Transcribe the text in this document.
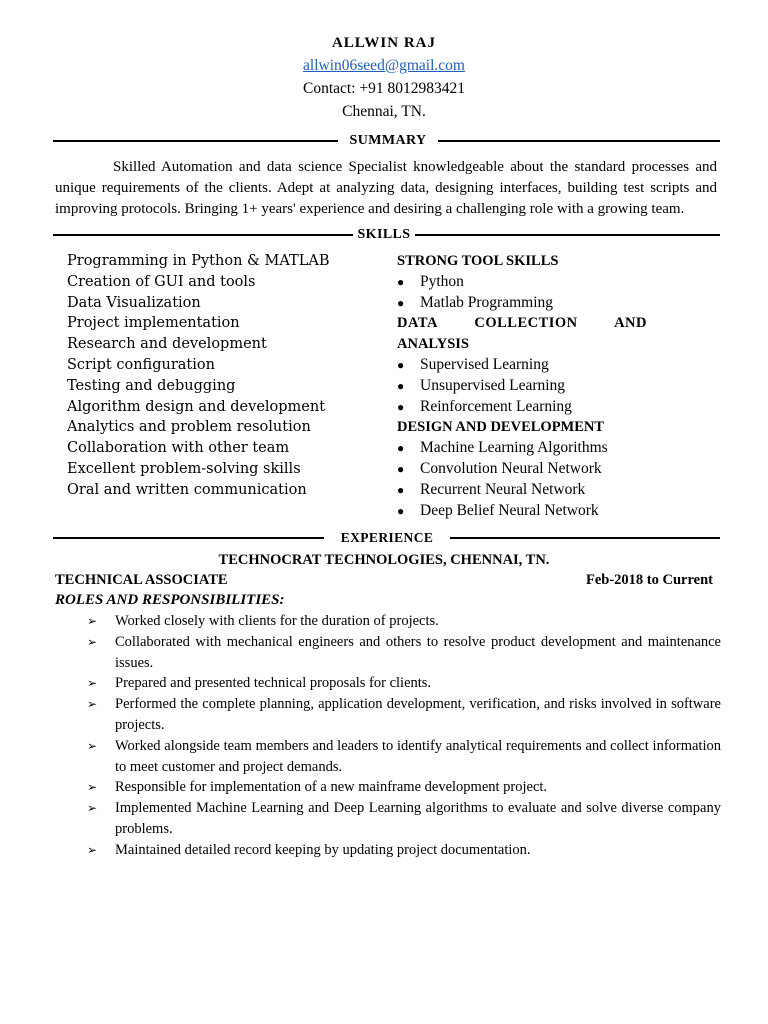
ALLWIN RAJ
allwin06seed@gmail.com
Contact: +91 8012983421
Chennai, TN.
SUMMARY
Skilled Automation and data science Specialist knowledgeable about the standard processes and unique requirements of the clients. Adept at analyzing data, designing interfaces, building test scripts and improving protocols. Bringing 1+ years' experience and desiring a challenging role with a growing team.
SKILLS
Programming in Python & MATLAB
Creation of GUI and tools
Data Visualization
Project implementation
Research and development
Script configuration
Testing and debugging
Algorithm design and development
Analytics and problem resolution
Collaboration with other team
Excellent problem-solving skills
Oral and written communication
STRONG TOOL SKILLS
● Python
● Matlab Programming
DATA COLLECTION AND
ANALYSIS
● Supervised Learning
● Unsupervised Learning
● Reinforcement Learning
DESIGN AND DEVELOPMENT
● Machine Learning Algorithms
● Convolution Neural Network
● Recurrent Neural Network
● Deep Belief Neural Network
EXPERIENCE
TECHNOCRAT TECHNOLOGIES, CHENNAI, TN.
TECHNICAL ASSOCIATE	Feb-2018 to Current
ROLES AND RESPONSIBILITIES:
➢ Worked closely with clients for the duration of projects.
➢ Collaborated with mechanical engineers and others to resolve product development and maintenance issues.
➢ Prepared and presented technical proposals for clients.
➢ Performed the complete planning, application development, verification, and risks involved in software projects.
➢ Worked alongside team members and leaders to identify analytical requirements and collect information to meet customer and project demands.
➢ Responsible for implementation of a new mainframe development project.
➢ Implemented Machine Learning and Deep Learning algorithms to evaluate and solve diverse company problems.
➢ Maintained detailed record keeping by updating project documentation.
